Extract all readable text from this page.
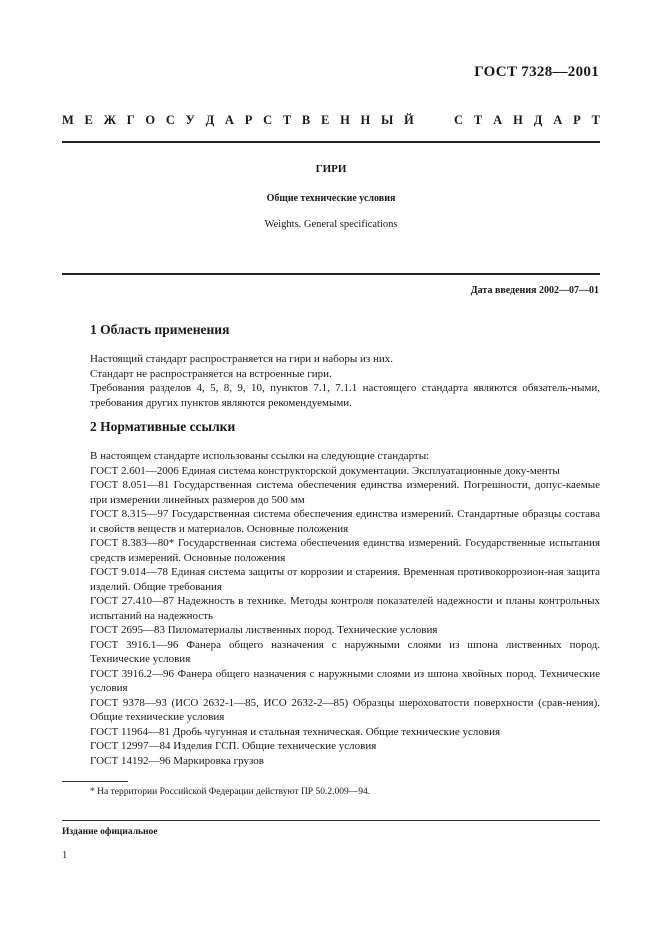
ГОСТ 7328—2001
М Е Ж Г О С У Д А Р С Т В Е Н Н Ы Й	С Т А Н Д А Р Т
ГИРИ
Общие технические условия
Weights. General specifications
Дата введения 2002—07—01
1 Область применения
Настоящий стандарт распространяется на гири и наборы из них.
Стандарт не распространяется на встроенные гири.
Требования разделов 4, 5, 8, 9, 10, пунктов 7.1, 7.1.1 настоящего стандарта являются обязатель-ными, требования других пунктов являются рекомендуемыми.
2 Нормативные ссылки
В настоящем стандарте использованы ссылки на следующие стандарты:
ГОСТ 2.601—2006 Единая система конструкторской документации. Эксплуатационные доку-менты
ГОСТ 8.051—81 Государственная система обеспечения единства измерений. Погрешности, допус-каемые при измерении линейных размеров до 500 мм
ГОСТ 8.315—97 Государственная система обеспечения единства измерений. Стандартные образцы состава и свойств веществ и материалов. Основные положения
ГОСТ 8.383—80* Государственная система обеспечения единства измерений. Государственные испытания средств измерений. Основные положения
ГОСТ 9.014—78 Единая система защиты от коррозии и старения. Временная противокоррозион-ная защита изделий. Общие требования
ГОСТ 27.410—87 Надежность в технике. Методы контроля показателей надежности и планы контрольных испытаний на надежность
ГОСТ 2695—83 Пиломатериалы лиственных пород. Технические условия
ГОСТ 3916.1—96 Фанера общего назначения с наружными слоями из шпона лиственных пород. Технические условия
ГОСТ 3916.2—96 Фанера общего назначения с наружными слоями из шпона хвойных пород. Технические условия
ГОСТ 9378—93 (ИСО 2632-1—85, ИСО 2632-2—85) Образцы шероховатости поверхности (срав-нения). Общие технические условия
ГОСТ 11964—81 Дробь чугунная и стальная техническая. Общие технические условия
ГОСТ 12997—84 Изделия ГСП. Общие технические условия
ГОСТ 14192—96 Маркировка грузов
* На территории Российской Федерации действуют ПР 50.2.009—94.
Издание официальное
1
